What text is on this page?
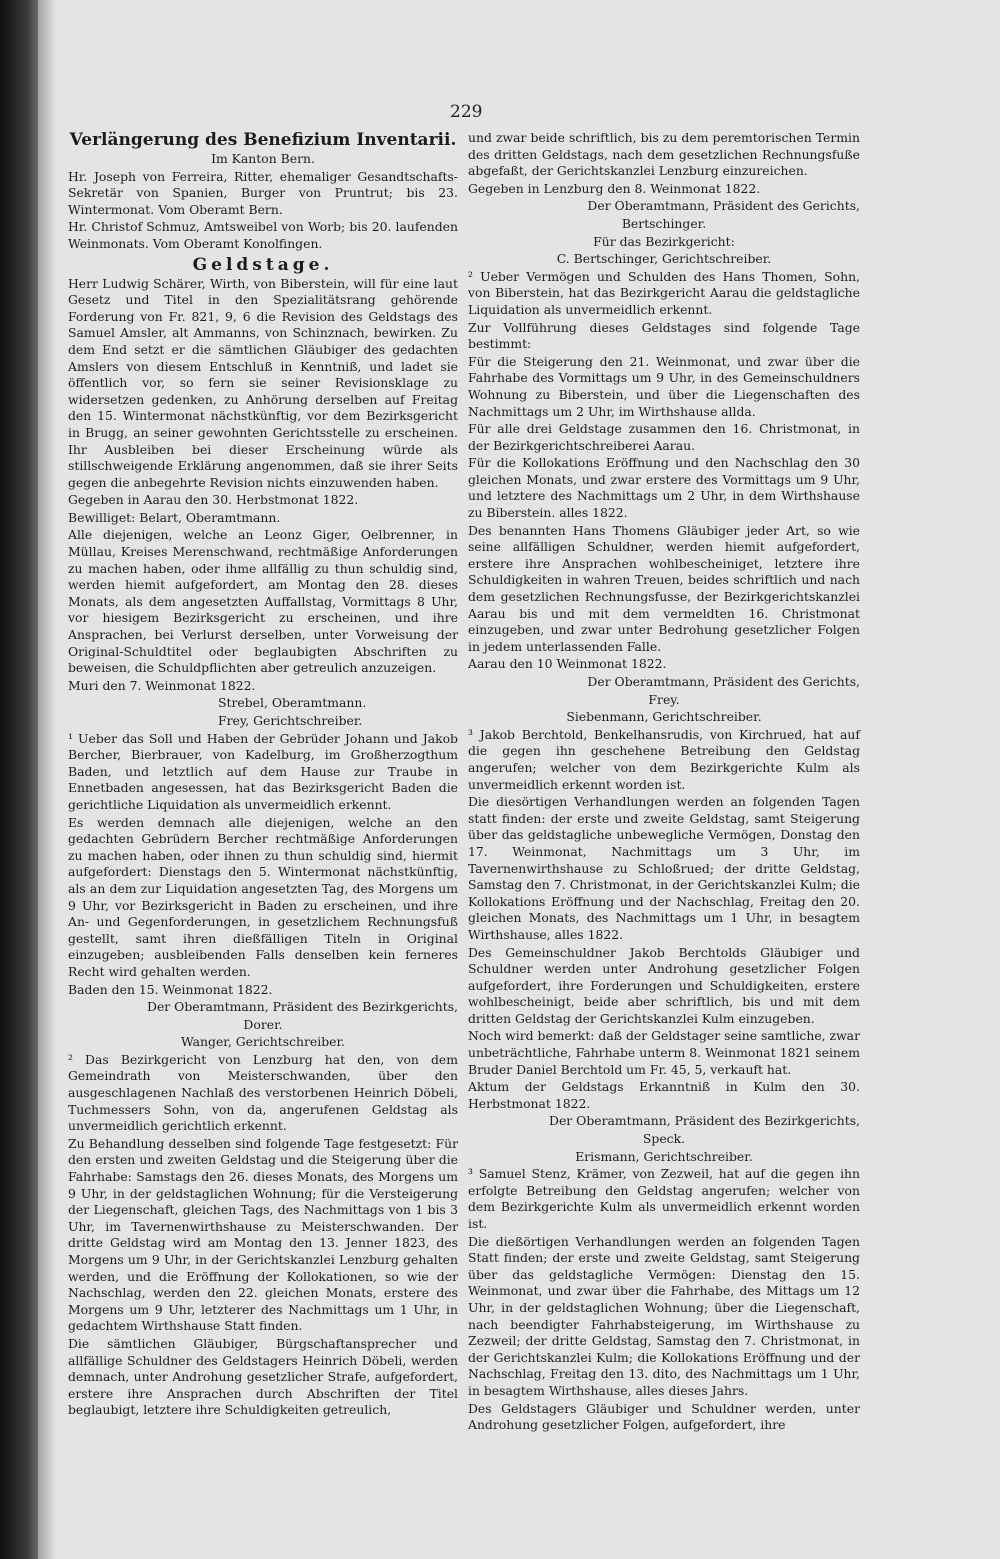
229
Verlängerung des Benefizium Inventarii.

Im Kanton Bern.

Hr. Joseph von Ferreira, Ritter, ehemaliger Gesandtschafts-Sekretär von Spanien, Burger von Pruntrut; bis 23. Wintermonat. Vom Oberamt Bern.

Hr. Christof Schmuz, Amtsweibel von Worb; bis 20. laufenden Weinmonats. Vom Oberamt Konolfingen.

Geldstage.

Herr Ludwig Schärer, Wirth, von Biberstein, will für eine laut Gesetz und Titel in den Spezialitätsrang gehörende Forderung von Fr. 821, 9, 6 die Revision des Geldstags des Samuel Amsler, alt Ammanns, von Schinznach, bewirken. Zu dem End setzt er die sämtlichen Gläubiger des gedachten Amslers von diesem Entschluß in Kenntniß, und ladet sie öffentlich vor, so fern sie seiner Revisionsklage zu widersetzen gedenken, zu Anhörung derselben auf Freitag den 15. Wintermonat nächstkünftig, vor dem Bezirksgericht in Brugg, an seiner gewohnten Gerichtsstelle zu erscheinen. Ihr Ausbleiben bei dieser Erscheinung würde als stillschweigende Erklärung angenommen, daß sie ihrer Seits gegen die anbegehrte Revision nichts einzuwenden haben.

Gegeben in Aarau den 30. Herbstmonat 1822.

Bewilliget: Belart, Oberamtmann.

Alle diejenigen, welche an Leonz Giger, Oelbrenner, in Müllau, Kreises Merenschwand, rechtmäßige Anforderungen zu machen haben, oder ihme allfällig zu thun schuldig sind, werden hiemit aufgefordert, am Montag den 28. dieses Monats, als dem angesetzten Auffallstag, Vormittags 8 Uhr, vor hiesigem Bezirksgericht zu erscheinen, und ihre Ansprachen, bei Verlurst derselben, unter Vorweisung der Original-Schuldtitel oder beglaubigten Abschriften zu beweisen, die Schuldpflichten aber getreulich anzuzeigen.

Muri den 7. Weinmonat 1822.

Strebel, Oberamtmann.

Frey, Gerichtschreiber.

¹ Ueber das Soll und Haben der Gebrüder Johann und Jakob Bercher, Bierbrauer, von Kadelburg, im Großherzogthum Baden, und letztlich auf dem Hause zur Traube in Ennetbaden angesessen, hat das Bezirksgericht Baden die gerichtliche Liquidation als unvermeidlich erkennt.

Es werden demnach alle diejenigen, welche an den gedachten Gebrüdern Bercher rechtmäßige Anforderungen zu machen haben, oder ihnen zu thun schuldig sind, hiermit aufgefordert: Dienstags den 5. Wintermonat nächstkünftig, als an dem zur Liquidation angesetzten Tag, des Morgens um 9 Uhr, vor Bezirksgericht in Baden zu erscheinen, und ihre An- und Gegenforderungen, in gesetzlichem Rechnungsfuß gestellt, samt ihren dießfälligen Titeln in Original einzugeben; ausbleibenden Falls denselben kein ferneres Recht wird gehalten werden.

Baden den 15. Weinmonat 1822.

Der Oberamtmann, Präsident des Bezirkgerichts,

Dorer.

Wanger, Gerichtschreiber.

² Das Bezirkgericht von Lenzburg hat den, von dem Gemeindrath von Meisterschwanden, über den ausgeschlagenen Nachlaß des verstorbenen Heinrich Döbeli, Tuchmessers Sohn, von da, angerufenen Geldstag als unvermeidlich gerichtlich erkennt.

Zu Behandlung desselben sind folgende Tage festgesetzt: Für den ersten und zweiten Geldstag und die Steigerung über die Fahrhabe: Samstags den 26. dieses Monats, des Morgens um 9 Uhr, in der geldstaglichen Wohnung; für die Versteigerung der Liegenschaft, gleichen Tags, des Nachmittags von 1 bis 3 Uhr, im Tavernenwirthshause zu Meisterschwanden. Der dritte Geldstag wird am Montag den 13. Jenner 1823, des Morgens um 9 Uhr, in der Gerichtskanzlei Lenzburg gehalten werden, und die Eröffnung der Kollokationen, so wie der Nachschlag, werden den 22. gleichen Monats, erstere des Morgens um 9 Uhr, letzterer des Nachmittags um 1 Uhr, in gedachtem Wirthshause Statt finden.

Die sämtlichen Gläubiger, Bürgschaftansprecher und allfällige Schuldner des Geldstagers Heinrich Döbeli, werden demnach, unter Androhung gesetzlicher Strafe, aufgefordert, erstere ihre Ansprachen durch Abschriften der Titel beglaubigt, letztere ihre Schuldigkeiten getreulich,

und zwar beide schriftlich, bis zu dem peremtorischen Termin des dritten Geldstags, nach dem gesetzlichen Rechnungsfuße abgefaßt, der Gerichtskanzlei Lenzburg einzureichen.

Gegeben in Lenzburg den 8. Weinmonat 1822.

Der Oberamtmann, Präsident des Gerichts,

Bertschinger.

Für das Bezirkgericht:

C. Bertschinger, Gerichtschreiber.

² Ueber Vermögen und Schulden des Hans Thomen, Sohn, von Biberstein, hat das Bezirkgericht Aarau die geldstagliche Liquidation als unvermeidlich erkennt.

Zur Vollführung dieses Geldstages sind folgende Tage bestimmt:

Für die Steigerung den 21. Weinmonat, und zwar über die Fahrhabe des Vormittags um 9 Uhr, in des Gemeinschuldners Wohnung zu Biberstein, und über die Liegenschaften des Nachmittags um 2 Uhr, im Wirthshause allda.

Für alle drei Geldstage zusammen den 16. Christmonat, in der Bezirkgerichtschreiberei Aarau.

Für die Kollokations Eröffnung und den Nachschlag den 30 gleichen Monats, und zwar erstere des Vormittags um 9 Uhr, und letztere des Nachmittags um 2 Uhr, in dem Wirthshause zu Biberstein. alles 1822.

Des benannten Hans Thomens Gläubiger jeder Art, so wie seine allfälligen Schuldner, werden hiemit aufgefordert, erstere ihre Ansprachen wohlbescheiniget, letztere ihre Schuldigkeiten in wahren Treuen, beides schriftlich und nach dem gesetzlichen Rechnungsfusse, der Bezirkgerichtskanzlei Aarau bis und mit dem vermeldten 16. Christmonat einzugeben, und zwar unter Bedrohung gesetzlicher Folgen in jedem unterlassenden Falle.

Aarau den 10 Weinmonat 1822.

Der Oberamtmann, Präsident des Gerichts,

Frey.

Siebenmann, Gerichtschreiber.

³ Jakob Berchtold, Benkelhansrudis, von Kirchrued, hat auf die gegen ihn geschehene Betreibung den Geldstag angerufen; welcher von dem Bezirkgerichte Kulm als unvermeidlich erkennt worden ist.

Die diesörtigen Verhandlungen werden an folgenden Tagen statt finden: der erste und zweite Geldstag, samt Steigerung über das geldstagliche unbewegliche Vermögen, Donstag den 17. Weinmonat, Nachmittags um 3 Uhr, im Tavernenwirthshause zu Schloßrued; der dritte Geldstag, Samstag den 7. Christmonat, in der Gerichtskanzlei Kulm; die Kollokations Eröffnung und der Nachschlag, Freitag den 20. gleichen Monats, des Nachmittags um 1 Uhr, in besagtem Wirthshause, alles 1822.

Des Gemeinschuldner Jakob Berchtolds Gläubiger und Schuldner werden unter Androhung gesetzlicher Folgen aufgefordert, ihre Forderungen und Schuldigkeiten, erstere wohlbescheinigt, beide aber schriftlich, bis und mit dem dritten Geldstag der Gerichtskanzlei Kulm einzugeben.

Noch wird bemerkt: daß der Geldstager seine samtliche, zwar unbeträchtliche, Fahrhabe unterm 8. Weinmonat 1821 seinem Bruder Daniel Berchtold um Fr. 45, 5, verkauft hat.

Aktum der Geldstags Erkanntniß in Kulm den 30. Herbstmonat 1822.

Der Oberamtmann, Präsident des Bezirkgerichts,

Speck.

Erismann, Gerichtschreiber.

³ Samuel Stenz, Krämer, von Zezweil, hat auf die gegen ihn erfolgte Betreibung den Geldstag angerufen; welcher von dem Bezirkgerichte Kulm als unvermeidlich erkennt worden ist.

Die dießörtigen Verhandlungen werden an folgenden Tagen Statt finden; der erste und zweite Geldstag, samt Steigerung über das geldstagliche Vermögen: Dienstag den 15. Weinmonat, und zwar über die Fahrhabe, des Mittags um 12 Uhr, in der geldstaglichen Wohnung; über die Liegenschaft, nach beendigter Fahrhabsteigerung, im Wirthshause zu Zezweil; der dritte Geldstag, Samstag den 7. Christmonat, in der Gerichtskanzlei Kulm; die Kollokations Eröffnung und der Nachschlag, Freitag den 13. dito, des Nachmittags um 1 Uhr, in besagtem Wirthshause, alles dieses Jahrs.

Des Geldstagers Gläubiger und Schuldner werden, unter Androhung gesetzlicher Folgen, aufgefordert, ihre
